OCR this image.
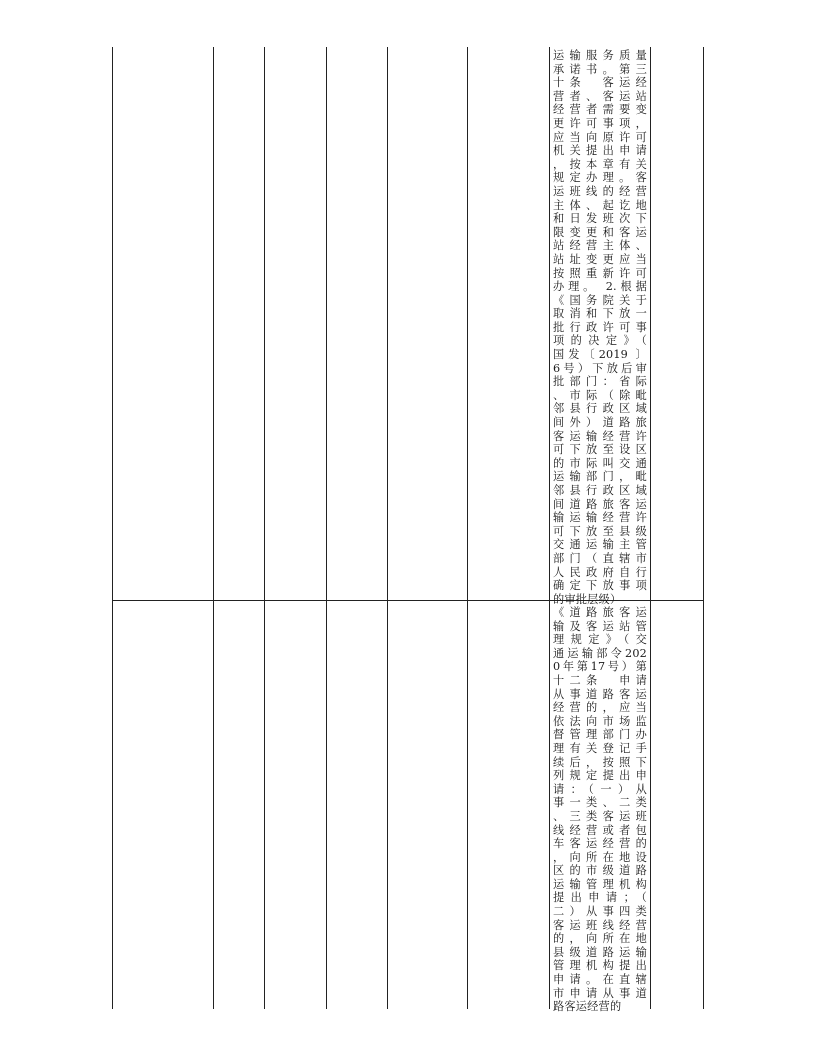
运输服务质量
承诺书。第三
十条　客运经
营者、客运站
经营者需要变
更许可事项，
应当向原许可
机关提出申请
，按本章有关
规定办理。客
运班线的经营
主体、起讫地
和日发班次下
限变更和客运
站经营主体、
站址变更应当
按照重新许可
办理。 2.根据
《国务院关于
取消和下放一
批行政许可事
项的决定》（
国发〔2019 〕
6号）下放后审
批部门：省际
、市际（除毗
邻县行政区域
间外）道路旅
客运输经营许
可下放至设区
的市际叫交通
运输部门，毗
邻县行政区域
间道路旅客运
输运输经营许
可下放至县级
交通运输主管
部门（直辖市
人民政府自行
确定下放事项
的审批层级）
《道路旅客运
输及客运站管
理规定》（交
通运输部令202
0年第17号）第
十二条　申请
从事道路客运
经营的，应当
依法向市场监
督管理部门办
理有关登记手
续后，按照下
列规定提出申
请：（一）从
事一类、二类
、三类客运班
线经营或者包
车客运经营的
，向所在地设
区的市级道路
运输管理机构
提出申请；（
二）从事四类
客运班线经营
的，向所在地
县级道路运输
管理机构提出
申请。在直辖
市申请从事道
路客运经营的
